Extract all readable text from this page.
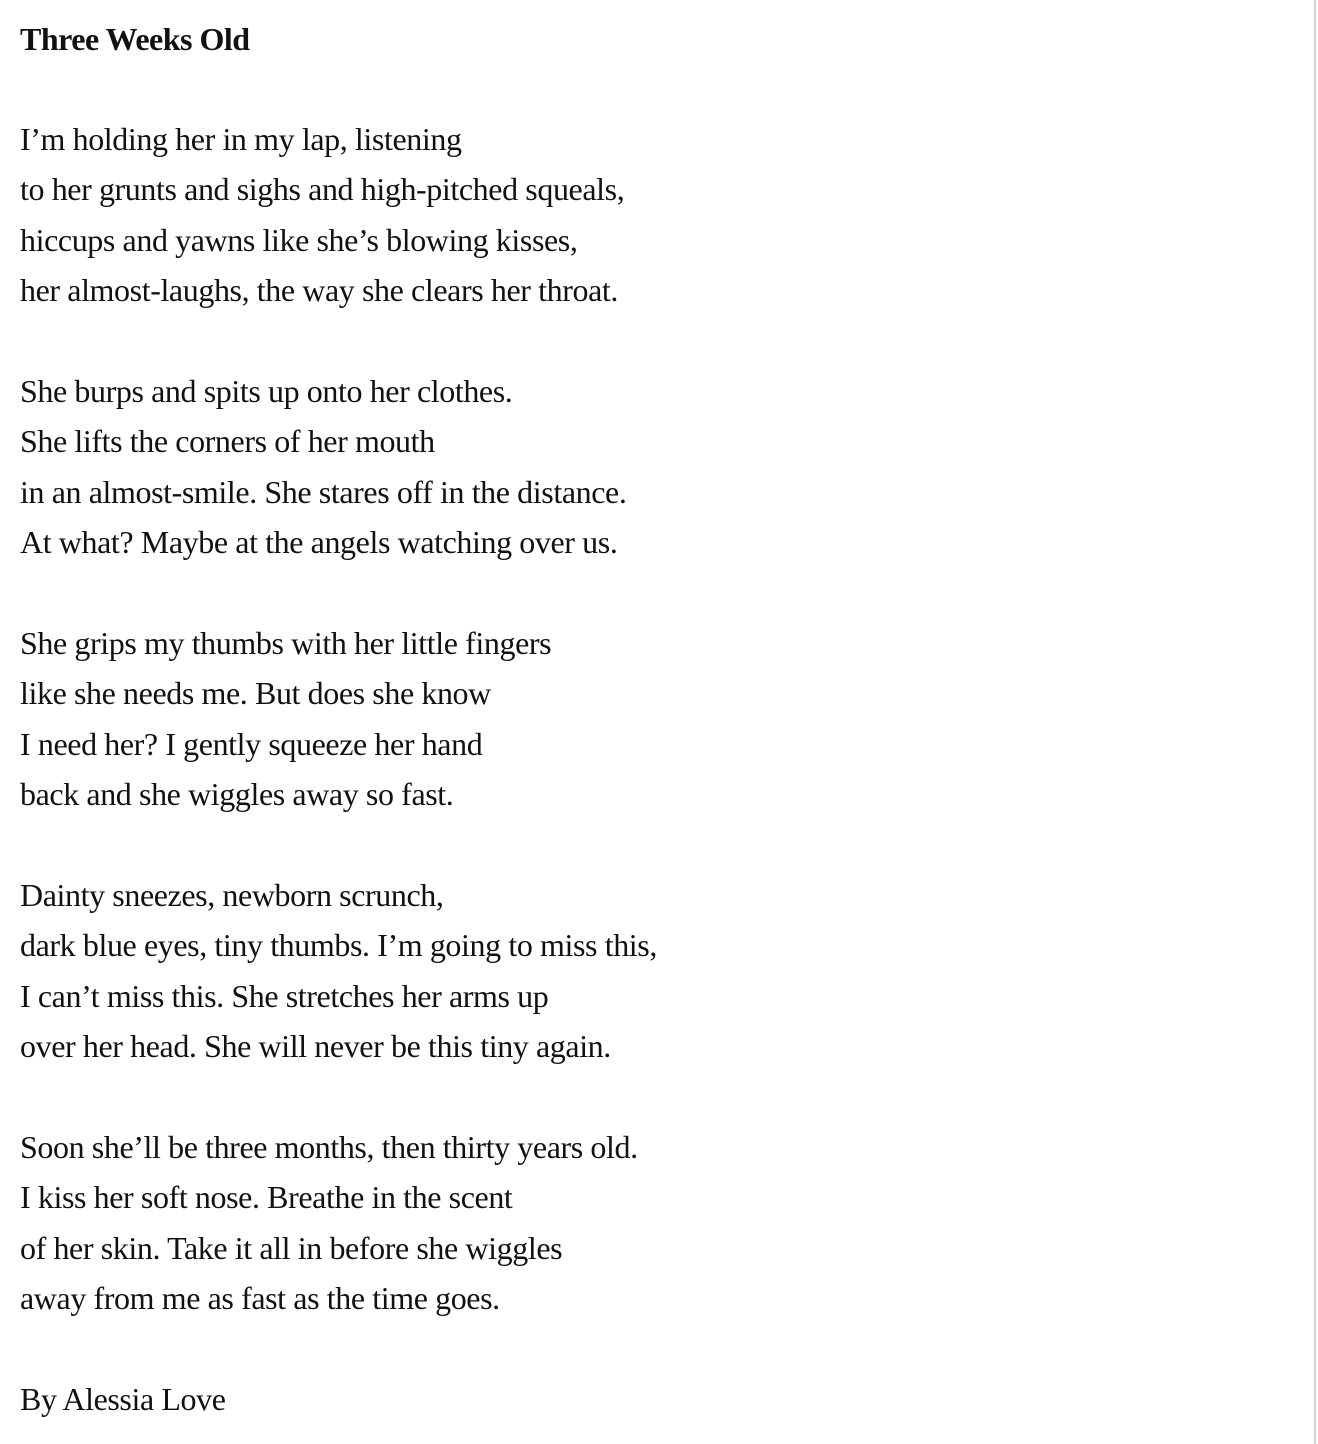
Three Weeks Old
I’m holding her in my lap, listening
to her grunts and sighs and high-pitched squeals,
hiccups and yawns like she’s blowing kisses,
her almost-laughs, the way she clears her throat.
She burps and spits up onto her clothes.
She lifts the corners of her mouth
in an almost-smile. She stares off in the distance.
At what? Maybe at the angels watching over us.
She grips my thumbs with her little fingers
like she needs me. But does she know
I need her? I gently squeeze her hand
back and she wiggles away so fast.
Dainty sneezes, newborn scrunch,
dark blue eyes, tiny thumbs. I’m going to miss this,
I can’t miss this. She stretches her arms up
over her head. She will never be this tiny again.
Soon she’ll be three months, then thirty years old.
I kiss her soft nose. Breathe in the scent
of her skin. Take it all in before she wiggles
away from me as fast as the time goes.
By Alessia Love
